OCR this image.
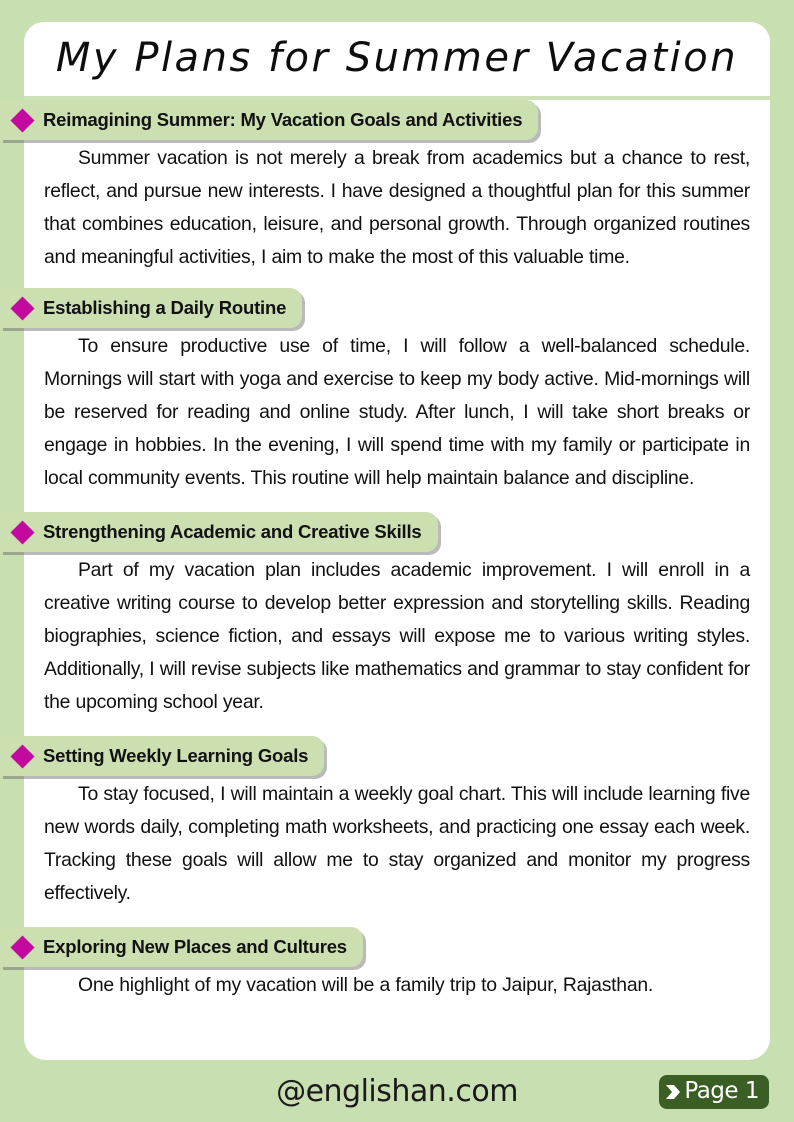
My Plans for Summer Vacation
Reimagining Summer: My Vacation Goals and Activities

Summer vacation is not merely a break from academics but a chance to rest, reflect, and pursue new interests. I have designed a thoughtful plan for this summer that combines education, leisure, and personal growth. Through organized routines and meaningful activities, I aim to make the most of this valuable time.

Establishing a Daily Routine

To ensure productive use of time, I will follow a well-balanced schedule. Mornings will start with yoga and exercise to keep my body active. Mid-mornings will be reserved for reading and online study. After lunch, I will take short breaks or engage in hobbies. In the evening, I will spend time with my family or participate in local community events. This routine will help maintain balance and discipline.

Strengthening Academic and Creative Skills

Part of my vacation plan includes academic improvement. I will enroll in a creative writing course to develop better expression and storytelling skills. Reading biographies, science fiction, and essays will expose me to various writing styles. Additionally, I will revise subjects like mathematics and grammar to stay confident for the upcoming school year.

Setting Weekly Learning Goals

To stay focused, I will maintain a weekly goal chart. This will include learning five new words daily, completing math worksheets, and practicing one essay each week. Tracking these goals will allow me to stay organized and monitor my progress effectively.

Exploring New Places and Cultures

One highlight of my vacation will be a family trip to Jaipur, Rajasthan.

@englishan.com	Page 1
